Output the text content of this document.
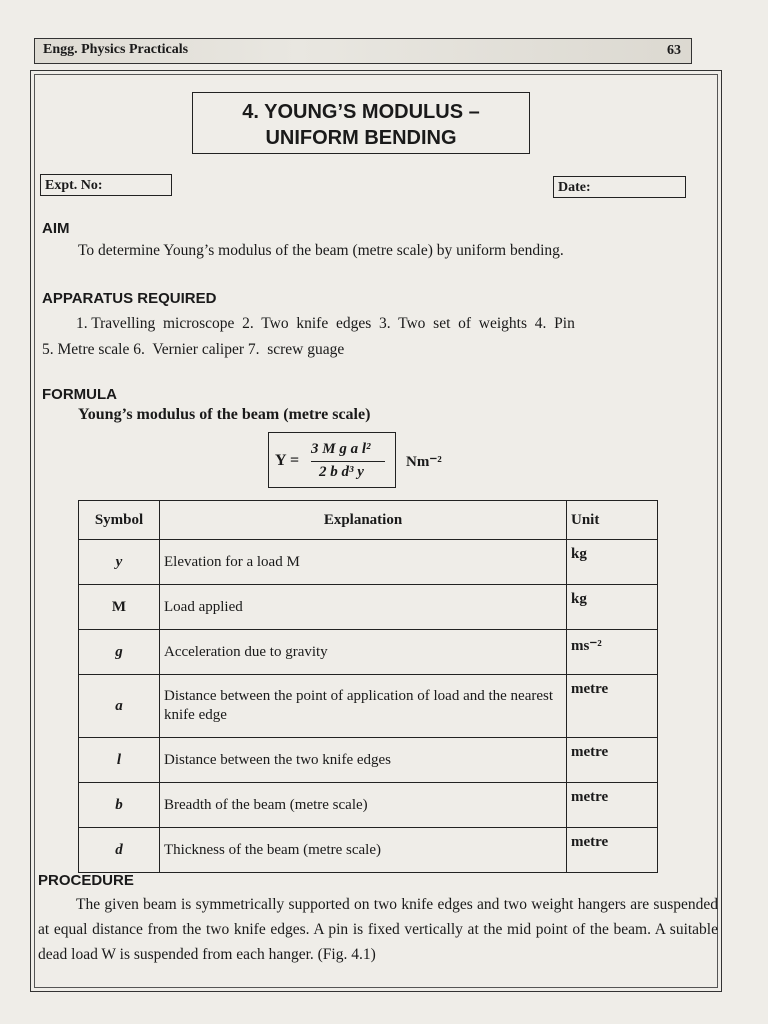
Engg. Physics Practicals	63
4. YOUNG’S MODULUS –
UNIFORM BENDING
Expt. No:	Date:
AIM
To determine Young’s modulus of the beam (metre scale) by uniform bending.
APPARATUS REQUIRED
1. Travelling  microscope  2.  Two  knife  edges  3.  Two  set  of  weights  4.  Pin
5. Metre scale 6.  Vernier caliper 7.  screw guage
FORMULA
Young’s modulus of the beam (metre scale)
Y =
3 M g a l²
2 b d³ y
Nm⁻²
Symbol	Explanation	Unit
y	Elevation for a load M	kg
M	Load applied	kg
g	Acceleration due to gravity	ms⁻²
a	Distance between the point of application of load and the nearest knife edge	metre
l	Distance between the two knife edges	metre
b	Breadth of the beam (metre scale)	metre
d	Thickness of the beam (metre scale)	metre
PROCEDURE
The given beam is symmetrically supported on two knife edges and two weight hangers are suspended at equal distance from the two knife edges. A pin is fixed vertically at the mid point of the beam. A suitable dead load W is suspended from each hanger. (Fig. 4.1)
